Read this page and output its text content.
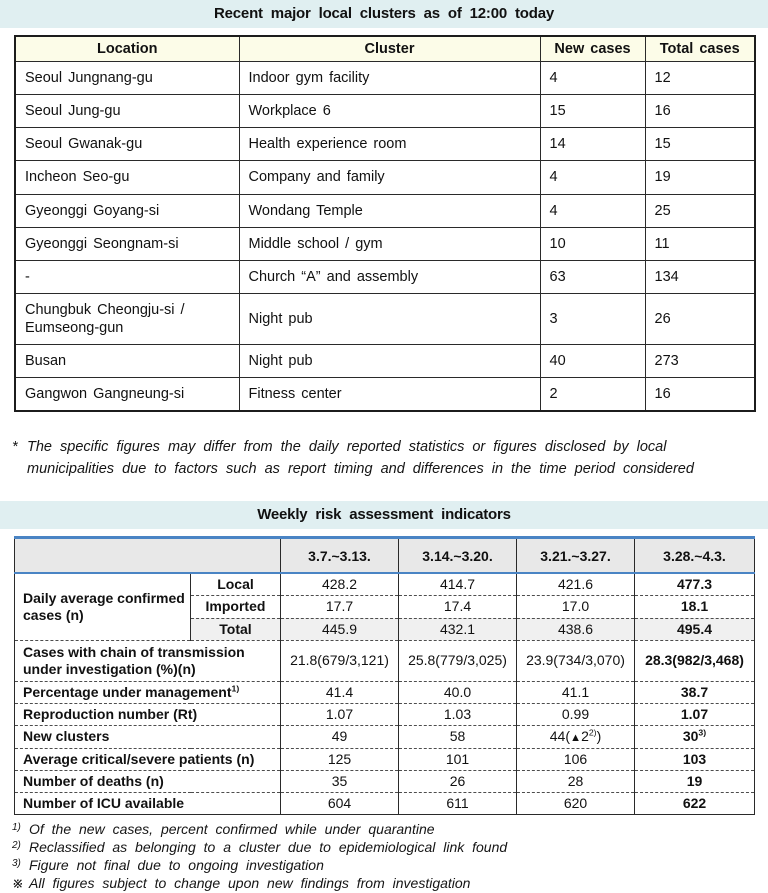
Recent major local clusters as of 12:00 today
Location	Cluster	New cases	Total cases
Seoul Jungnang-gu	Indoor gym facility	4	12
Seoul Jung-gu	Workplace 6	15	16
Seoul Gwanak-gu	Health experience room	14	15
Incheon Seo-gu	Company and family	4	19
Gyeonggi Goyang-si	Wondang Temple	4	25
Gyeonggi Seongnam-si	Middle school / gym	10	11
-	Church “A” and assembly	63	134
Chungbuk Cheongju-si / Eumseong-gun	Night pub	3	26
Busan	Night pub	40	273
Gangwon Gangneung-si	Fitness center	2	16
* The specific figures may differ from the daily reported statistics or figures disclosed by local municipalities due to factors such as report timing and differences in the time period considered
Weekly risk assessment indicators
		3.7.~3.13.	3.14.~3.20.	3.21.~3.27.	3.28.~4.3.
Daily average confirmed cases (n)	Local	428.2	414.7	421.6	477.3
	Imported	17.7	17.4	17.0	18.1
	Total	445.9	432.1	438.6	495.4
Cases with chain of transmission under investigation (%)(n)		21.8(679/3,121)	25.8(779/3,025)	23.9(734/3,070)	28.3(982/3,468)
Percentage under management$^{1)}$		41.4	40.0	41.1	38.7
Reproduction number (Rt)		1.07	1.03	0.99	1.07
New clusters		49	58	44(▲2$^{2)}$)	30$^{3)}$
Average critical/severe patients (n)		125	101	106	103
Number of deaths (n)		35	26	28	19
Number of ICU available		604	611	620	622
1) Of the new cases, percent confirmed while under quarantine
2) Reclassified as belonging to a cluster due to epidemiological link found
3) Figure not final due to ongoing investigation
※ All figures subject to change upon new findings from investigation
